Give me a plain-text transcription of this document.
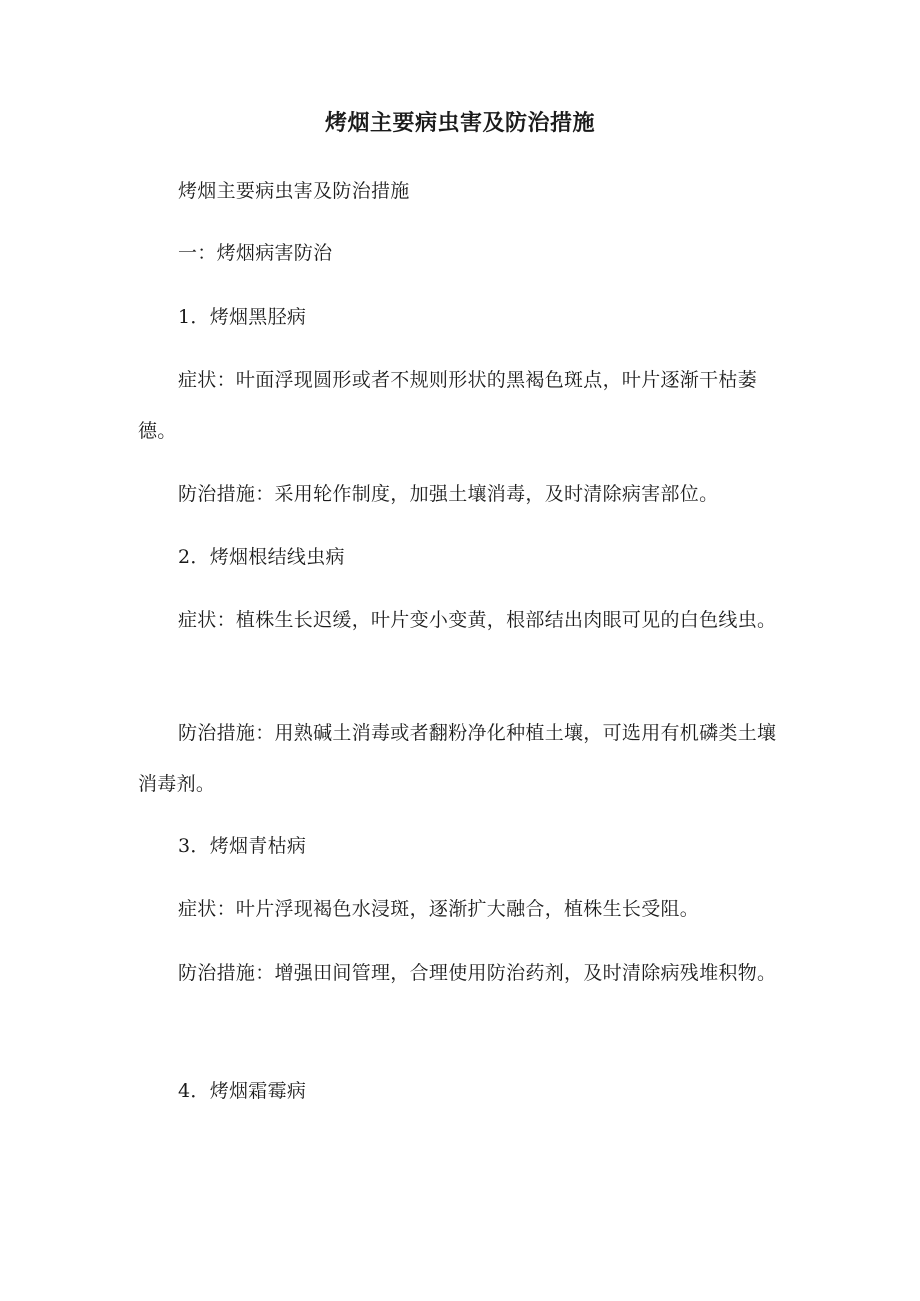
烤烟主要病虫害及防治措施

烤烟主要病虫害及防治措施

一：烤烟病害防治

1．烤烟黑胫病

症状：叶面浮现圆形或者不规则形状的黑褐色斑点，叶片逐渐干枯萎德。

防治措施：采用轮作制度，加强土壤消毒，及时清除病害部位。

2．烤烟根结线虫病

症状：植株生长迟缓，叶片变小变黄，根部结出肉眼可见的白色线虫。

防治措施：用熟碱土消毒或者翻粉净化种植土壤，可选用有机磷类土壤消毒剂。

3．烤烟青枯病

症状：叶片浮现褐色水浸斑，逐渐扩大融合，植株生长受阻。

防治措施：增强田间管理，合理使用防治药剂，及时清除病残堆积物。

4．烤烟霜霉病
